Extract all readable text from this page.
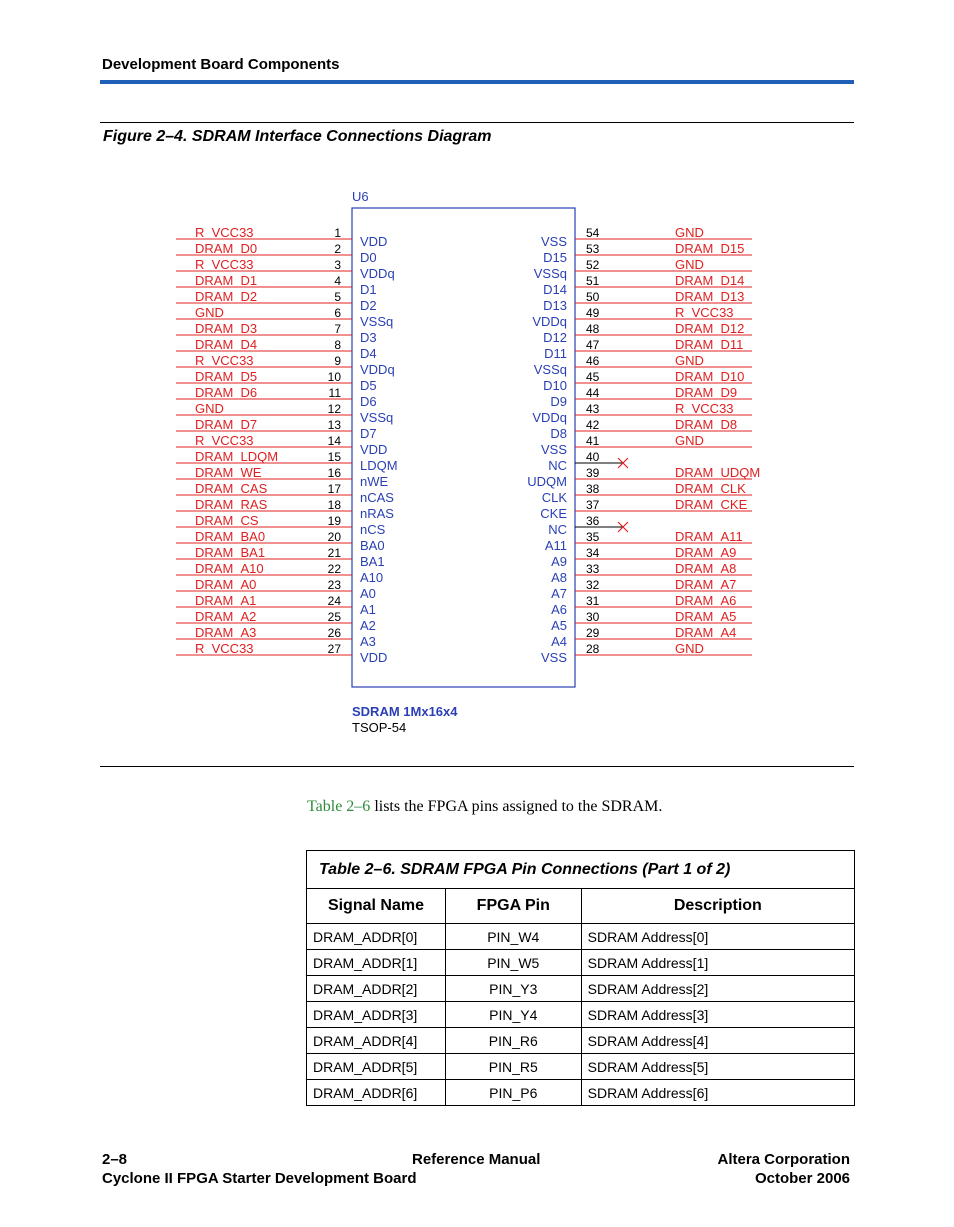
Development Board Components
Figure 2–4. SDRAM Interface Connections Diagram
U6
R_VCC33	1
VDD
DRAM_D0	2
D0
R_VCC33	3
VDDq
DRAM_D1	4
D1
DRAM_D2	5
D2
GND	6
VSSq
DRAM_D3	7
D3
DRAM_D4	8
D4
R_VCC33	9
VDDq
DRAM_D5	10
D5
DRAM_D6	11
D6
GND	12
VSSq
DRAM_D7	13
D7
R_VCC33	14
VDD
DRAM_LDQM	15
LDQM
DRAM_WE	16
nWE
DRAM_CAS	17
nCAS
DRAM_RAS	18
nRAS
DRAM_CS	19
nCS
DRAM_BA0	20
BA0
DRAM_BA1	21
BA1
DRAM_A10	22
A10
DRAM_A0	23
A0
DRAM_A1	24
A1
DRAM_A2	25
A2
DRAM_A3	26
A3
R_VCC33	27
VDD
VSS
54	GND
D15
53	DRAM_D15
VSSq
52	GND
D14
51	DRAM_D14
D13
50	DRAM_D13
VDDq
49	R_VCC33
D12
48	DRAM_D12
D11
47	DRAM_D11
VSSq
46	GND
D10
45	DRAM_D10
D9
44	DRAM_D9
VDDq
43	R_VCC33
D8
42	DRAM_D8
VSS
41	GND
NC
40
UDQM
39	DRAM_UDQM
CLK
38	DRAM_CLK
CKE
37	DRAM_CKE
NC
36
A11
35	DRAM_A11
A9
34	DRAM_A9
A8
33	DRAM_A8
A7
32	DRAM_A7
A6
31	DRAM_A6
A5
30	DRAM_A5
A4
29	DRAM_A4
VSS
28	GND
SDRAM 1Mx16x4
TSOP-54
Table 2–6 lists the FPGA pins assigned to the SDRAM.
Table 2–6. SDRAM FPGA Pin Connections (Part 1 of 2)		
Signal Name	FPGA Pin	Description
DRAM_ADDR[0]	PIN_W4	SDRAM Address[0]
DRAM_ADDR[1]	PIN_W5	SDRAM Address[1]
DRAM_ADDR[2]	PIN_Y3	SDRAM Address[2]
DRAM_ADDR[3]	PIN_Y4	SDRAM Address[3]
DRAM_ADDR[4]	PIN_R6	SDRAM Address[4]
DRAM_ADDR[5]	PIN_R5	SDRAM Address[5]
DRAM_ADDR[6]	PIN_P6	SDRAM Address[6]
2–8
Cyclone II FPGA Starter Development Board
Reference Manual	Altera Corporation
October 2006
